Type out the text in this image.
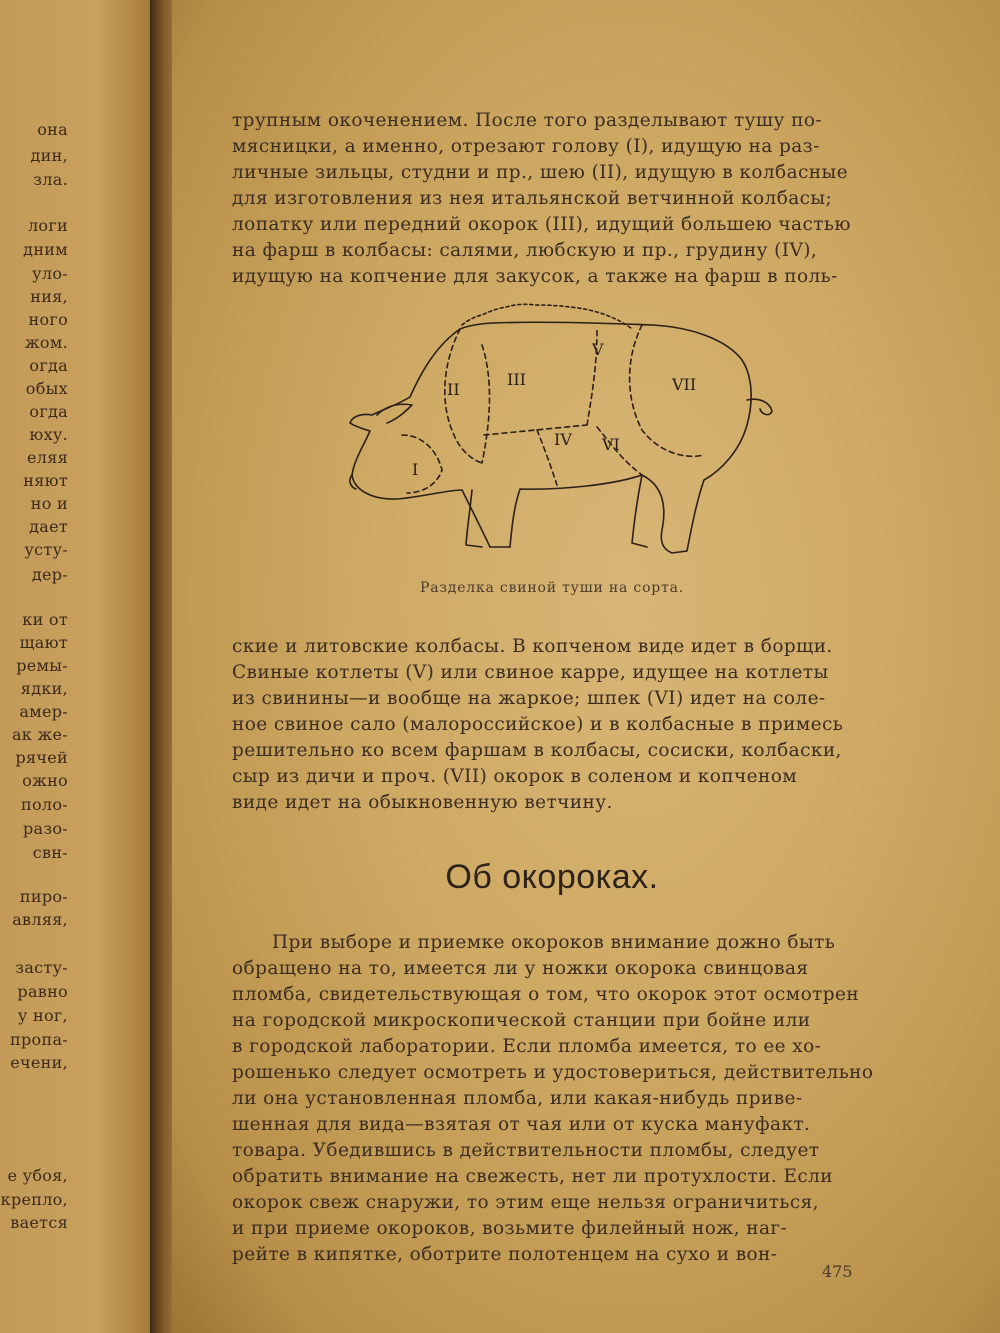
она
дин,
зла.
логи
дним
уло-
ния,
ного
жом.
огда
обых
огда
юху.
еляя
няют
но и
дает
усту-
дер-
ки от
щают
ремы-
ядки,
амер-
ак же-
рячей
ожно
поло-
разо-
свн-
пиро-
авляя,
засту-
равно
у ног,
пропа-
ечени,
е убоя,
крепло,
вается
трупным окоченением. После того разделывают тушу по-
мясницки, а именно, отрезают голову (I), идущую на раз-
личные зильцы, студни и пр., шею (II), идущую в колбасные
для изготовления из нея итальянской ветчинной колбасы;
лопатку или передний окорок (III), идущий большею частью
на фарш в колбасы: салями, любскую и пр., грудину (IV),
идущую на копчение для закусок, а также на фарш в поль-
I
II
III
IV
V
VI
VII
Разделка свиной туши на сорта.
ские и литовские колбасы. В копченом виде идет в борщи.
Свиные котлеты (V) или свиное карре, идущее на котлеты
из свинины—и вообще на жаркое; шпек (VI) идет на соле-
ное свиное сало (малороссийское) и в колбасные в примесь
решительно ко всем фаршам в колбасы, сосиски, колбаски,
сыр из дичи и проч. (VII) окорок в соленом и копченом
виде идет на обыкновенную ветчину.
Об окороках.
При выборе и приемке окороков внимание дожно быть
обращено на то, имеется ли у ножки окорока свинцовая
пломба, свидетельствующая о том, что окорок этот осмотрен
на городской микроскопической станции при бойне или
в городской лаборатории. Если пломба имеется, то ее хо-
рошенько следует осмотреть и удостовериться, действительно
ли она установленная пломба, или какая-нибудь приве-
шенная для вида—взятая от чая или от куска мануфакт.
товара. Убедившись в действительности пломбы, следует
обратить внимание на свежесть, нет ли протухлости. Если
окорок свеж снаружи, то этим еще нельзя ограничиться,
и при приеме окороков, возьмите филейный нож, наг-
рейте в кипятке, оботрите полотенцем на сухо и вон-
475
